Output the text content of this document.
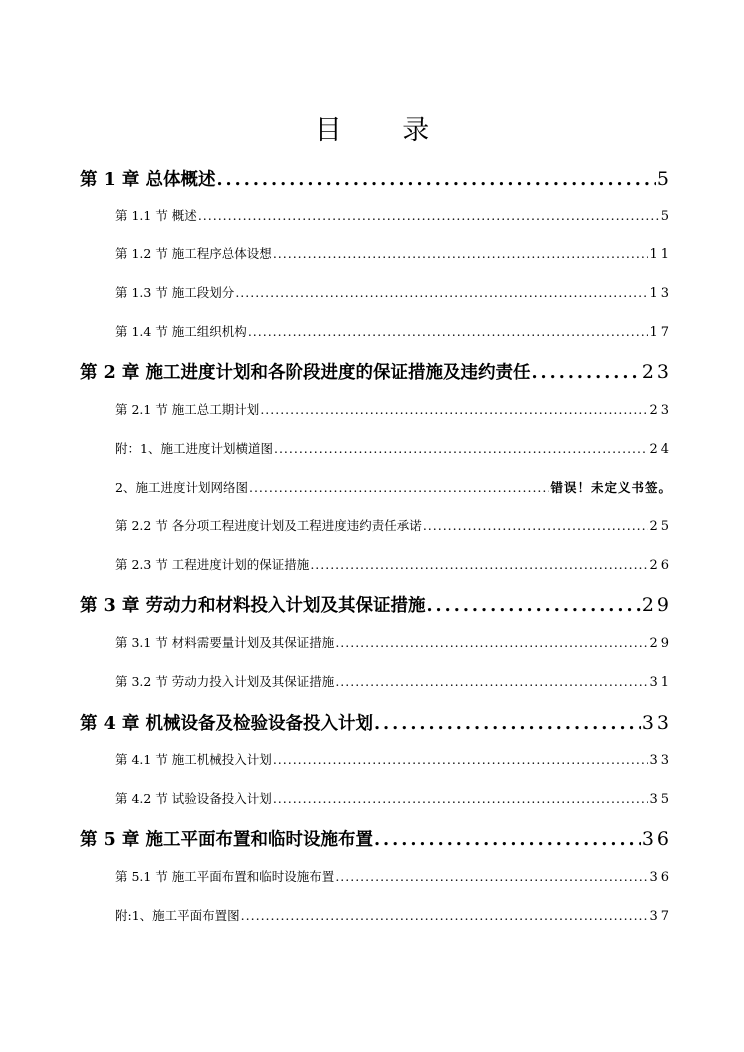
目 录
第 1 章 总体概述 .....	5
第 1.1 节 概述 .....	5
第 1.2 节 施工程序总体设想 .....	11
第 1.3 节 施工段划分 .....	13
第 1.4 节 施工组织机构 .....	17
第 2 章 施工进度计划和各阶段进度的保证措施及违约责任 .....	23
第 2.1 节 施工总工期计划 .....	23
附：1、施工进度计划横道图 .....	24
2、施工进度计划网络图 .....	错误！未定义书签。
第 2.2 节 各分项工程进度计划及工程进度违约责任承诺 .....	25
第 2.3 节 工程进度计划的保证措施 .....	26
第 3 章 劳动力和材料投入计划及其保证措施 .....	29
第 3.1 节 材料需要量计划及其保证措施 .....	29
第 3.2 节 劳动力投入计划及其保证措施 .....	31
第 4 章 机械设备及检验设备投入计划 .....	33
第 4.1 节 施工机械投入计划 .....	33
第 4.2 节 试验设备投入计划 .....	35
第 5 章 施工平面布置和临时设施布置 .....	36
第 5.1 节 施工平面布置和临时设施布置 .....	36
附:1、施工平面布置图 .....	37
